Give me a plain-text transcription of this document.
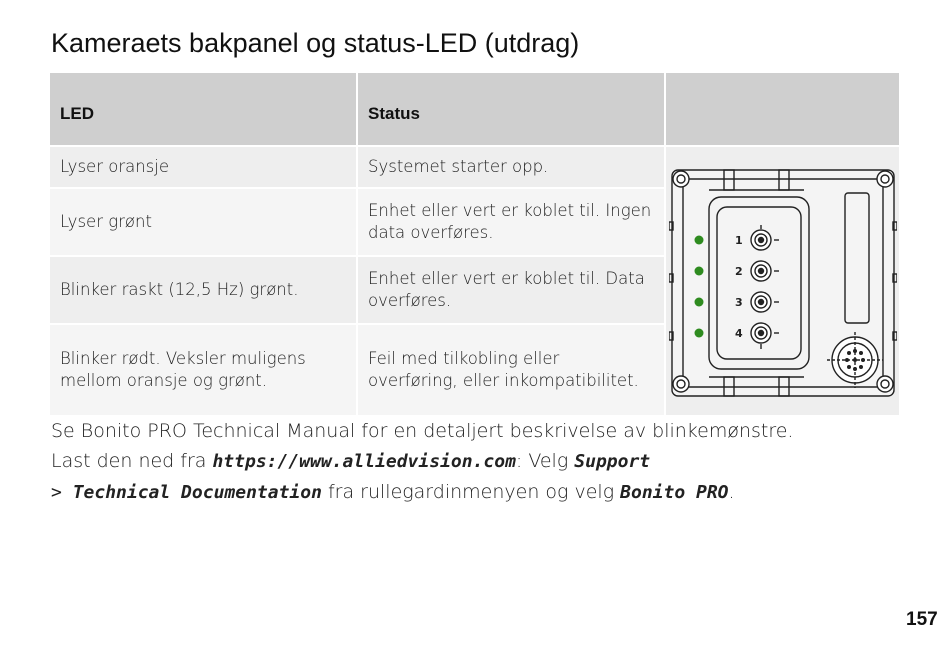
Kameraets bakpanel og status-LED (utdrag)
LED	Status	
Lyser oransje	Systemet starter opp.	1
2
3
4

Lyser grønt	Enhet eller vert er koblet til. Ingen data overføres.	
Blinker raskt (12,5 Hz) grønt.	Enhet eller vert er koblet til. Data overføres.	
Blinker rødt. Veksler muligens mellom oransje og grønt.	Feil med tilkobling eller overføring, eller inkompatibilitet.	
Se Bonito PRO Technical Manual for en detaljert beskrivelse av blinkemønstre.
Last den ned fra https://www.alliedvision.com: Velg Support
> Technical Documentation fra rullegardinmenyen og velg Bonito PRO.
157
